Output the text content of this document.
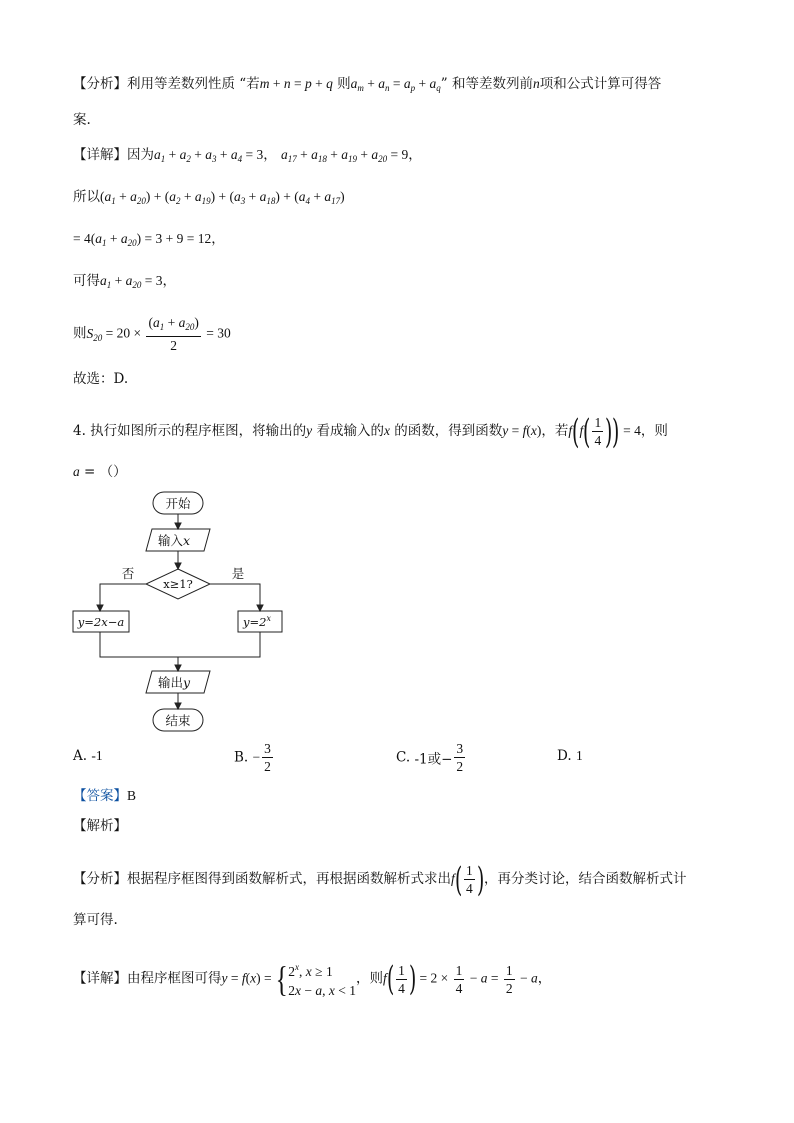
【分析】利用等差数列性质 “若m + n = p + q 则$a_m + a_n = a_p + a_q$” 和等差数列前n项和公式计算可得答
案.
【详解】因为$a_1 + a_2 + a_3 + a_4 = 3$， $a_{17} + a_{18} + a_{19} + a_{20} = 9$，
所以$(a_1 + a_{20}) + (a_2 + a_{19}) + (a_3 + a_{18}) + (a_4 + a_{17})$
= $4(a_1 + a_{20}) = 3 + 9 = 12$，
可得$a_1 + a_{20} = 3$，
则$S_{20} = 20 \times \frac{(a_1 + a_{20})}{2} = 30$
故选：D.
4. 执行如图所示的程序框图，将输出的y 看成输入的x 的函数，得到函数y = f(x)，若$f(f( \frac{1}{4}$ )) = 4，则
a = （）
开始
输入x
x≥1?
否	是
y=2x−a	$y=2^x$
输出y
结束
A. -1	B. − $\frac{3}{2}$	C. -1或− $\frac{3}{2}$	D. 1
【答案】B
【解析】
【分析】根据程序框图得到函数解析式，再根据函数解析式求出$f( \frac{1}{4}$ )，再分类讨论，结合函数解析式计
算可得.
【详解】由程序框图可得y = f(x) = { 2$^x$, x ≥ 1
2x − a, x < 1
，则$f( \frac{1}{4}$ ) = $2 \times \frac{1}{4} - a = \frac{1}{2} - a$，
